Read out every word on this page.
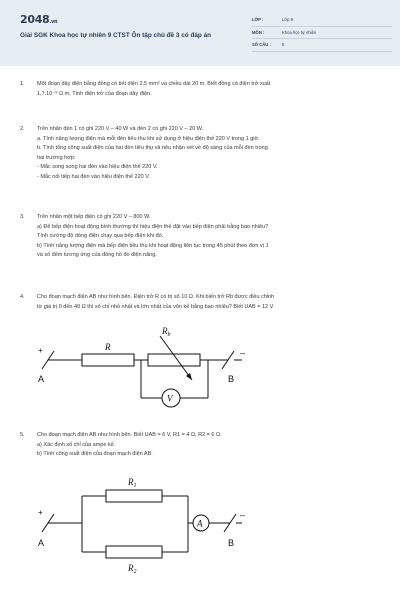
2048.vn
Giải SGK Khoa học tự nhiên 9 CTST Ôn tập chủ đề 3 có đáp án
LỚP :	Lớp 9
MÔN :	Khoa học tự nhiên
SỐ CÂU :	5
1. Một đoạn dây điện bằng đồng có tiết diện 2,5 mm² và chiều dài 20 m. Biết đồng có điện trở suất
1,7.10⁻⁸ Ω.m. Tính điện trở của đoạn dây điện.
2. Trên nhãn đèn 1 có ghi 220 V – 40 W và đèn 2 có ghi 220 V – 20 W.
a. Tính năng lượng điện mà mỗi đèn tiêu thụ khi sử dụng ở hiệu điện thế 220 V trong 1 giờ.
b. Tính tổng công suất điện của hai đèn tiêu thụ và nêu nhận xét về độ sáng của mỗi đèn trong
hai trường hợp:
- Mắc song song hai đèn vào hiệu điện thế 220 V.
- Mắc nối tiếp hai đèn vào hiệu điện thế 220 V.
3. Trên nhãn một bếp điện có ghi 220 V – 800 W.
a) Để bếp điện hoạt động bình thường thì hiệu điện thế đặt vào bếp điện phải bằng bao nhiêu?
Tính cường độ dòng điện chạy qua bếp điện khi đó.
b) Tính năng lượng điện mà bếp điện tiêu thụ khi hoạt động liên tục trong 45 phút theo đơn vị J
và số đếm tương ứng của đồng hồ đo điện năng.
4. Cho đoạn mạch điện AB như hình bên. Điện trở R có trị số 10 Ω. Khi biến trở Rb được điều chỉnh
từ giá trị 0 đến 40 Ω thì số chỉ nhỏ nhất và lớn nhất của vôn kế bằng bao nhiêu? Biết UAB = 12 V.
+
A
–
B
R
$R_b$
V
5. Cho đoạn mạch điện AB như hình bên. Biết UAB = 6 V, R1 = 4 Ω, R2 = 6 Ω.
a) Xác định số chỉ của ampe kế.
b) Tính công suất điện của đoạn mạch điện AB.
+
A
–
B
$R_1$
$R_2$
A
